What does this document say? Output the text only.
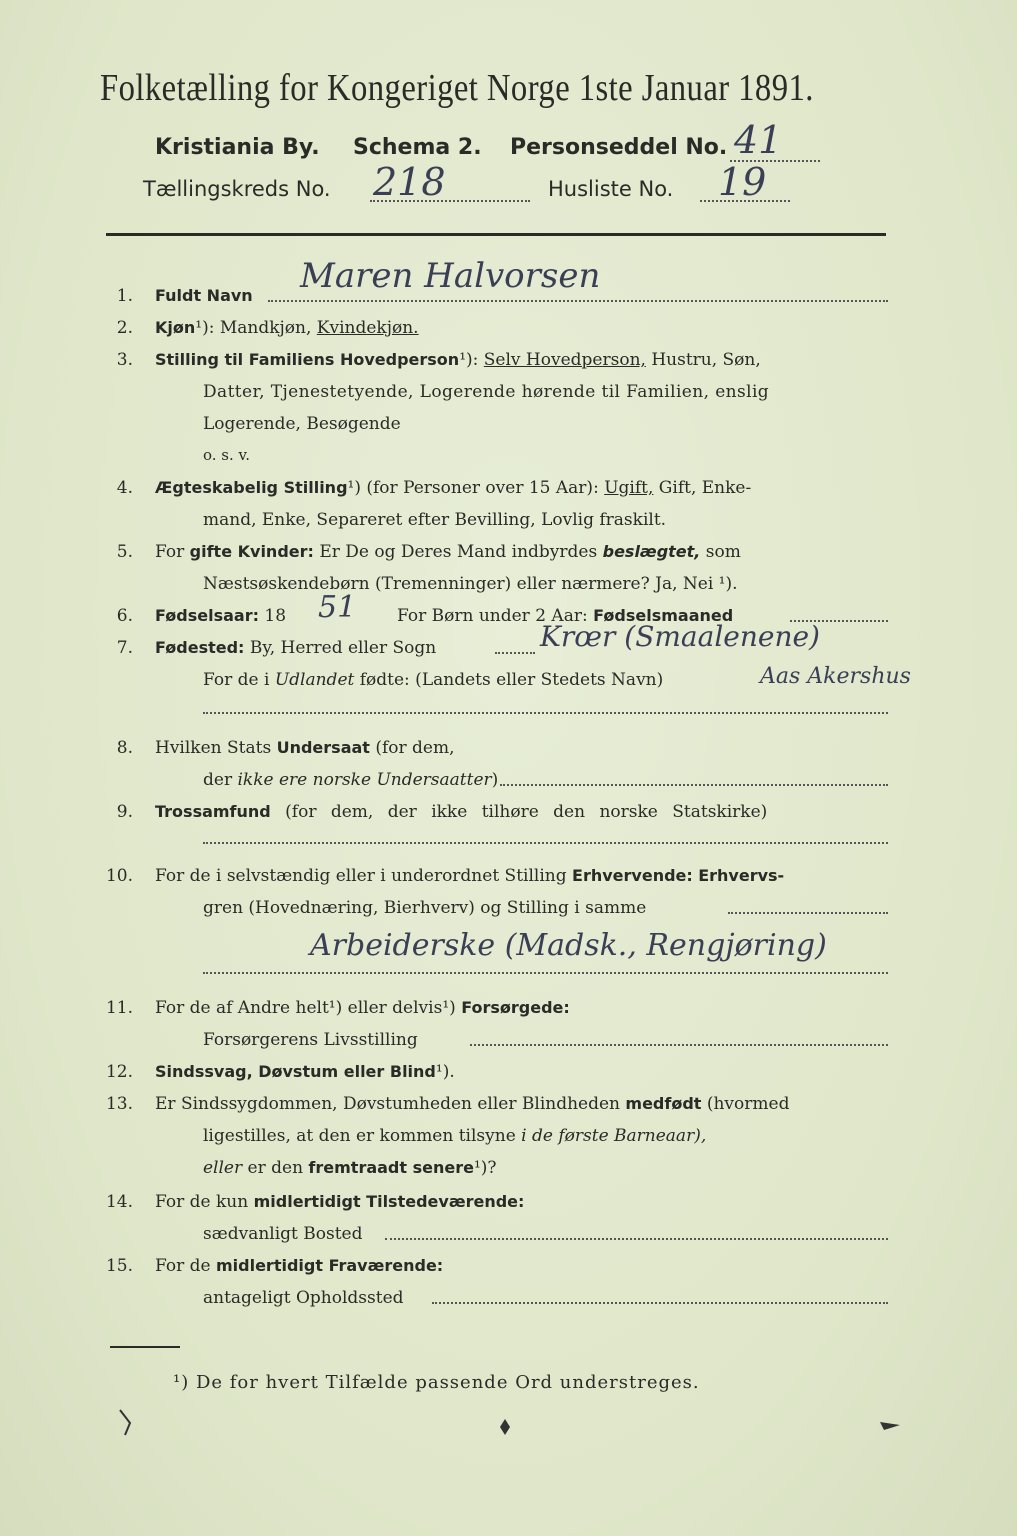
Folketælling for Kongeriget Norge 1ste Januar 1891.
Kristiania By. Schema 2. Personseddel No. 41
Tællingskreds No. 218	Husliste No. 19
1. Fuldt Navn Maren Halvorsen
2. Kjøn¹): Mandkjøn, Kvindekjøn.
3. Stilling til Familiens Hovedperson¹): Selv Hovedperson, Hustru, Søn,
Datter, Tjenestetyende, Logerende hørende til Familien, enslig
Logerende, Besøgende
o. s. v.
4. Ægteskabelig Stilling¹) (for Personer over 15 Aar): Ugift, Gift, Enke-
mand, Enke, Separeret efter Bevilling, Lovlig fraskilt.
5. For gifte Kvinder: Er De og Deres Mand indbyrdes beslægtet, som
Næstsøskendebørn (Tremenninger) eller nærmere? Ja, Nei ¹).
6. Fødselsaar: 18 51 For Børn under 2 Aar: Fødselsmaaned
7. Fødested: By, Herred eller Sogn	Krœr (Smaalenene)
For de i Udlandet fødte: (Landets eller Stedets Navn)	Aas Akershus
8. Hvilken Stats Undersaat (for dem,
der ikke ere norske Undersaatter)
9. Trossamfund (for dem, der ikke tilhøre den norske Statskirke)
10. For de i selvstændig eller i underordnet Stilling Erhvervende: Erhvervs-
gren (Hovednæring, Bierhverv) og Stilling i samme
Arbeiderske (Madsk., Rengjøring)
11. For de af Andre helt¹) eller delvis¹) Forsørgede:
Forsørgerens Livsstilling
12. Sindssvag, Døvstum eller Blind¹).
13. Er Sindssygdommen, Døvstumheden eller Blindheden medfødt (hvormed
ligestilles, at den er kommen tilsyne i de første Barneaar),
eller er den fremtraadt senere¹)?
14. For de kun midlertidigt Tilstedeværende:
sædvanligt Bosted
15. For de midlertidigt Fraværende:
antageligt Opholdssted
¹) De for hvert Tilfælde passende Ord understreges.
